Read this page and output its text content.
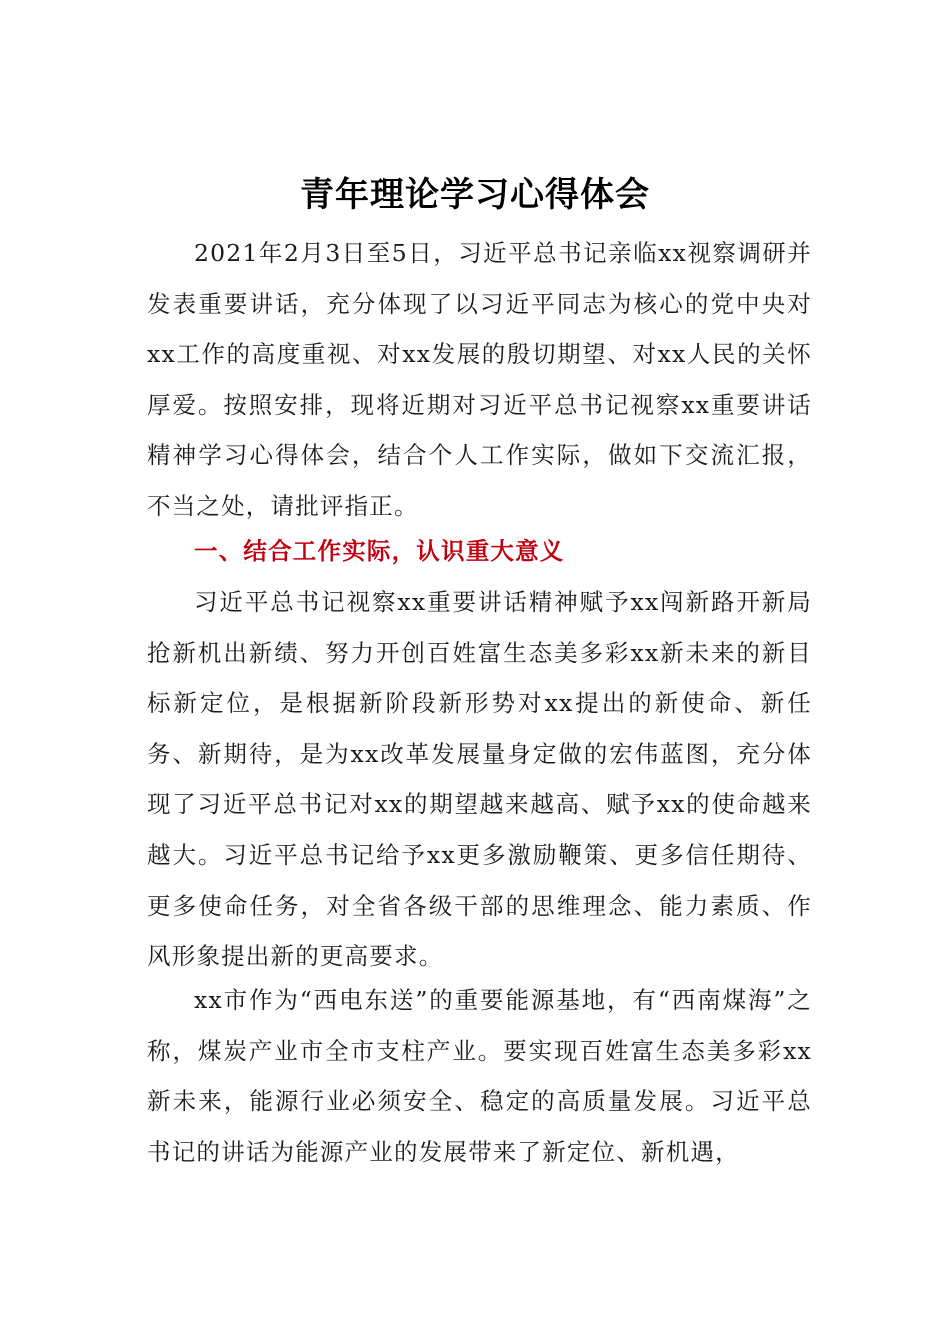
青年理论学习心得体会

2021年2月3日至5日，习近平总书记亲临xx视察调研并发表重要讲话，充分体现了以习近平同志为核心的党中央对xx工作的高度重视、对xx发展的殷切期望、对xx人民的关怀厚爱。按照安排，现将近期对习近平总书记视察xx重要讲话精神学习心得体会，结合个人工作实际，做如下交流汇报，不当之处，请批评指正。

一、结合工作实际，认识重大意义

习近平总书记视察xx重要讲话精神赋予xx闯新路开新局抢新机出新绩、努力开创百姓富生态美多彩xx新未来的新目标新定位，是根据新阶段新形势对xx提出的新使命、新任务、新期待，是为xx改革发展量身定做的宏伟蓝图，充分体现了习近平总书记对xx的期望越来越高、赋予xx的使命越来越大。习近平总书记给予xx更多激励鞭策、更多信任期待、更多使命任务，对全省各级干部的思维理念、能力素质、作风形象提出新的更高要求。

xx市作为“西电东送”的重要能源基地，有“西南煤海”之称，煤炭产业市全市支柱产业。要实现百姓富生态美多彩xx新未来，能源行业必须安全、稳定的高质量发展。习近平总书记的讲话为能源产业的发展带来了新定位、新机遇，
